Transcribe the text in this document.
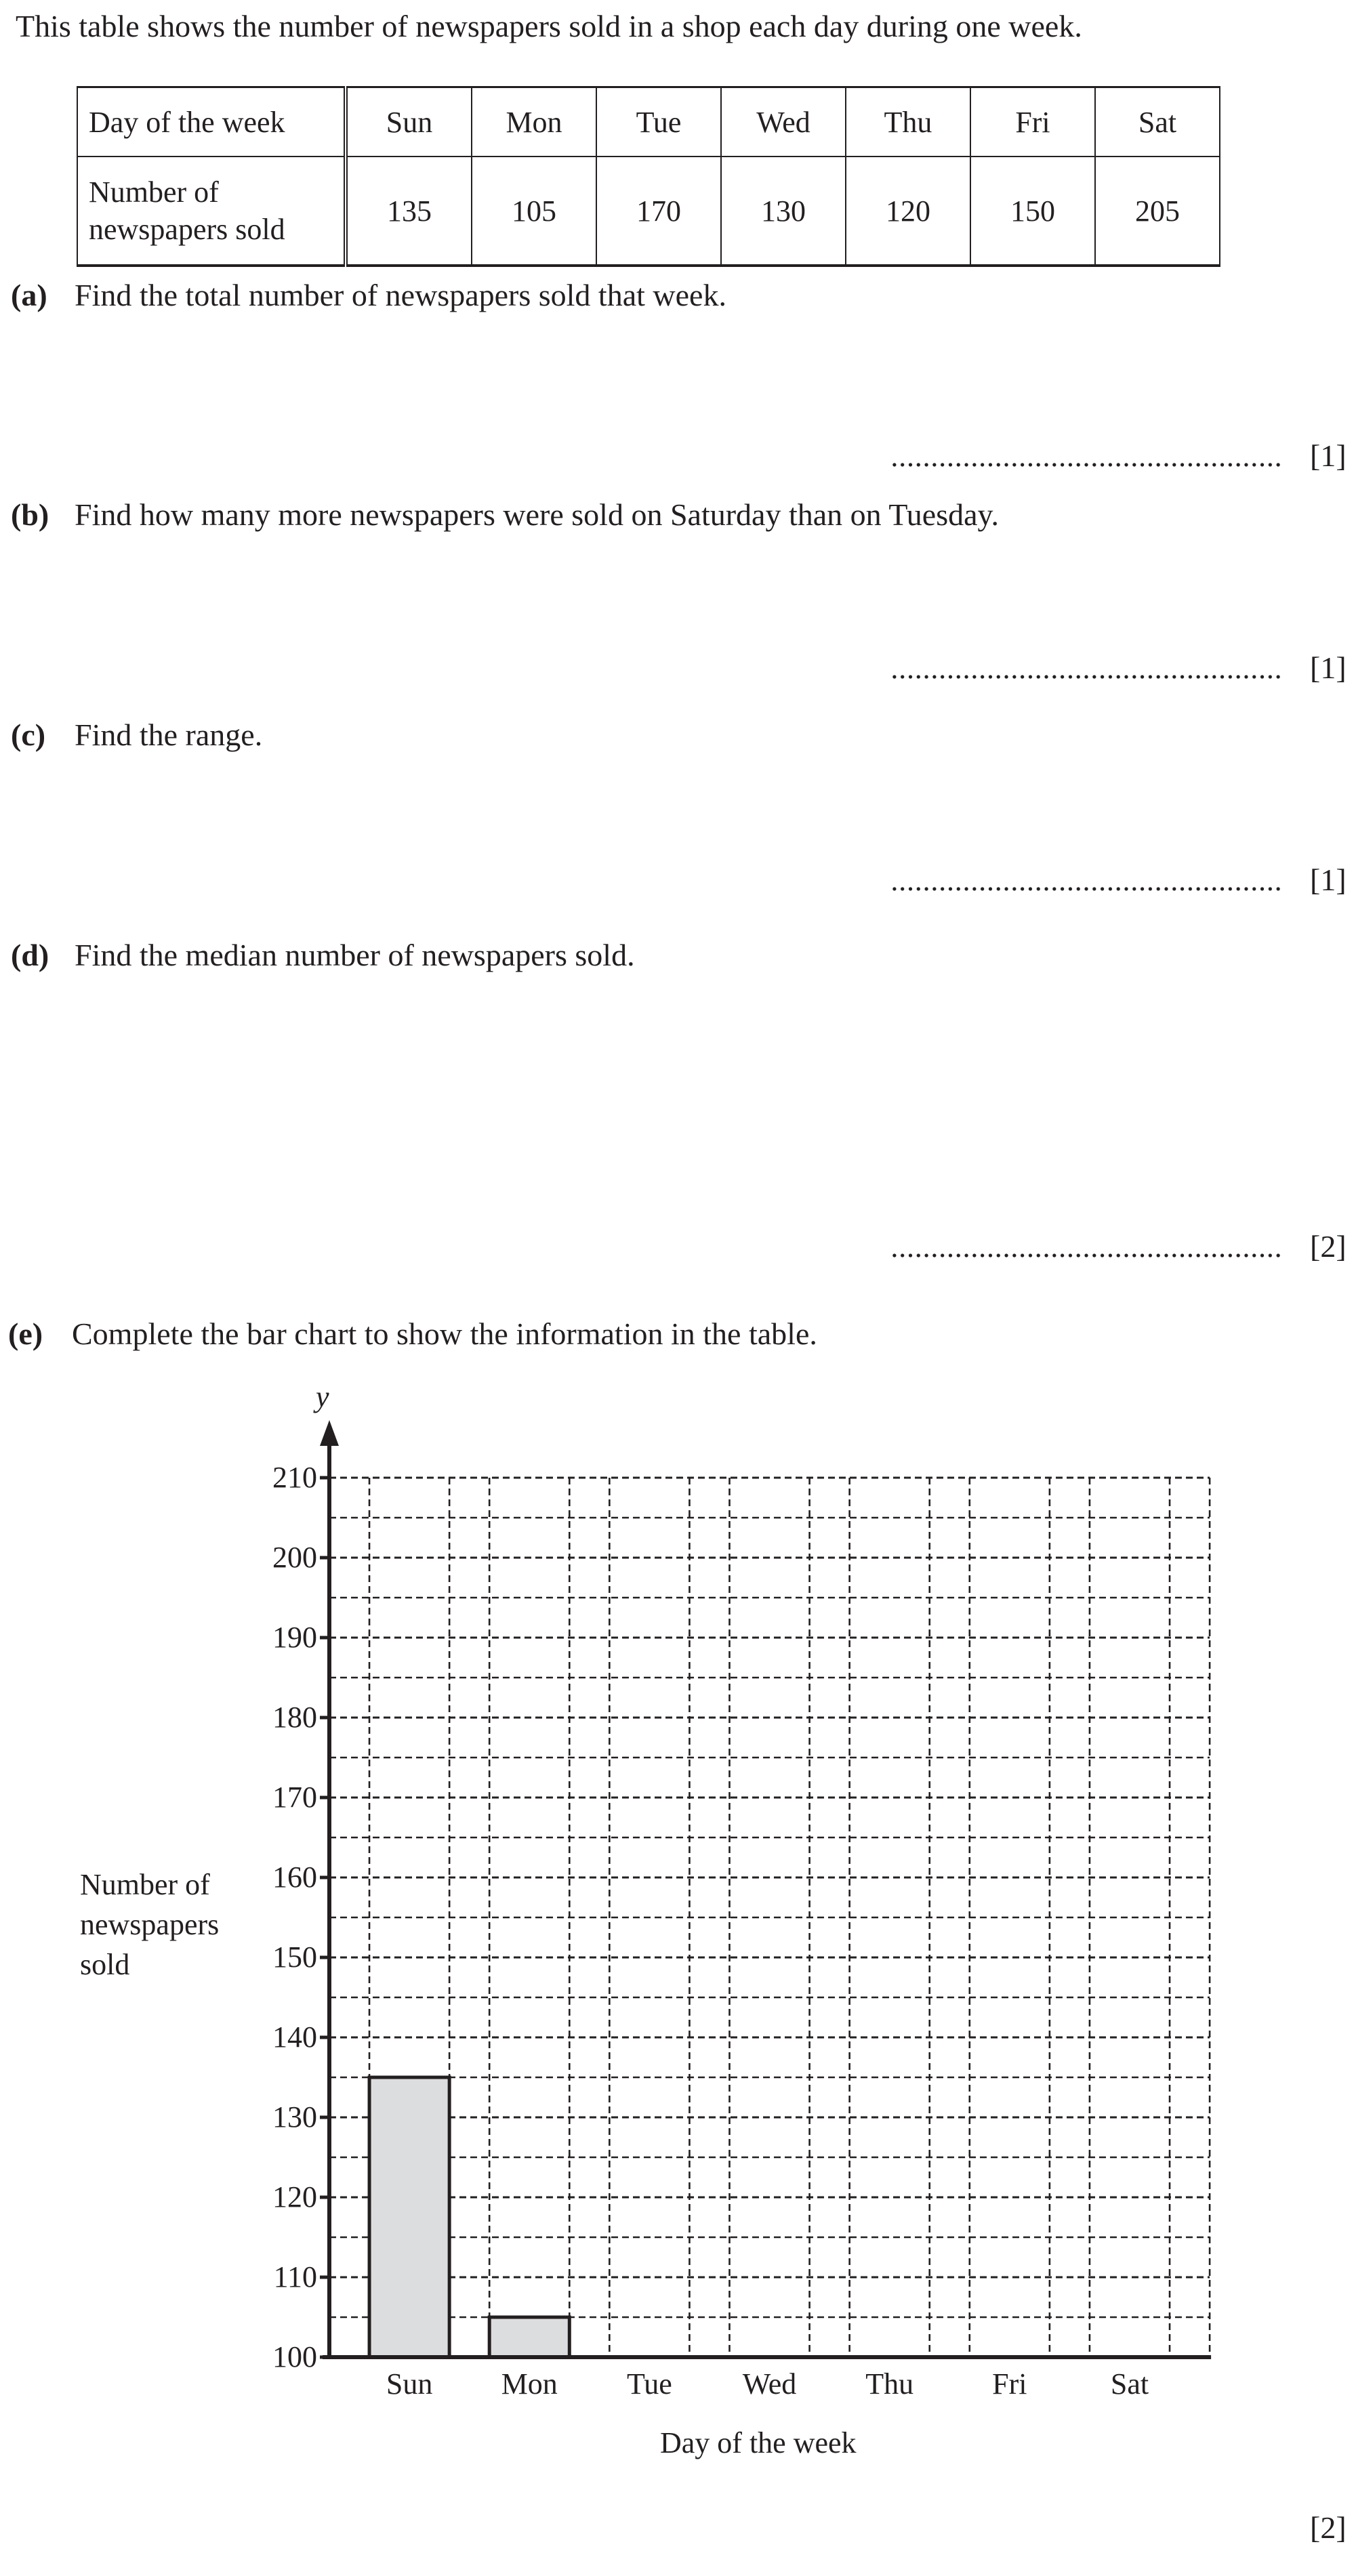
This table shows the number of newspapers sold in a shop each day during one week.
Day of the week	Sun	Mon	Tue	Wed	Thu	Fri	Sat

Number of
newspapers sold	135	105	170	130	120	150	205
(a) Find the total number of newspapers sold that week.
[1]
(b) Find how many more newspapers were sold on Saturday than on Tuesday.
[1]
(c) Find the range.
[1]
(d) Find the median number of newspapers sold.
[2]
(e) Complete the bar chart to show the information in the table.
Number of
newspapers
sold
y
100
110
120
130
140
150
160
170
180
190
200
210
Sun	Mon	Tue	Wed	Thu	Fri	Sat
Day of the week
[2]
